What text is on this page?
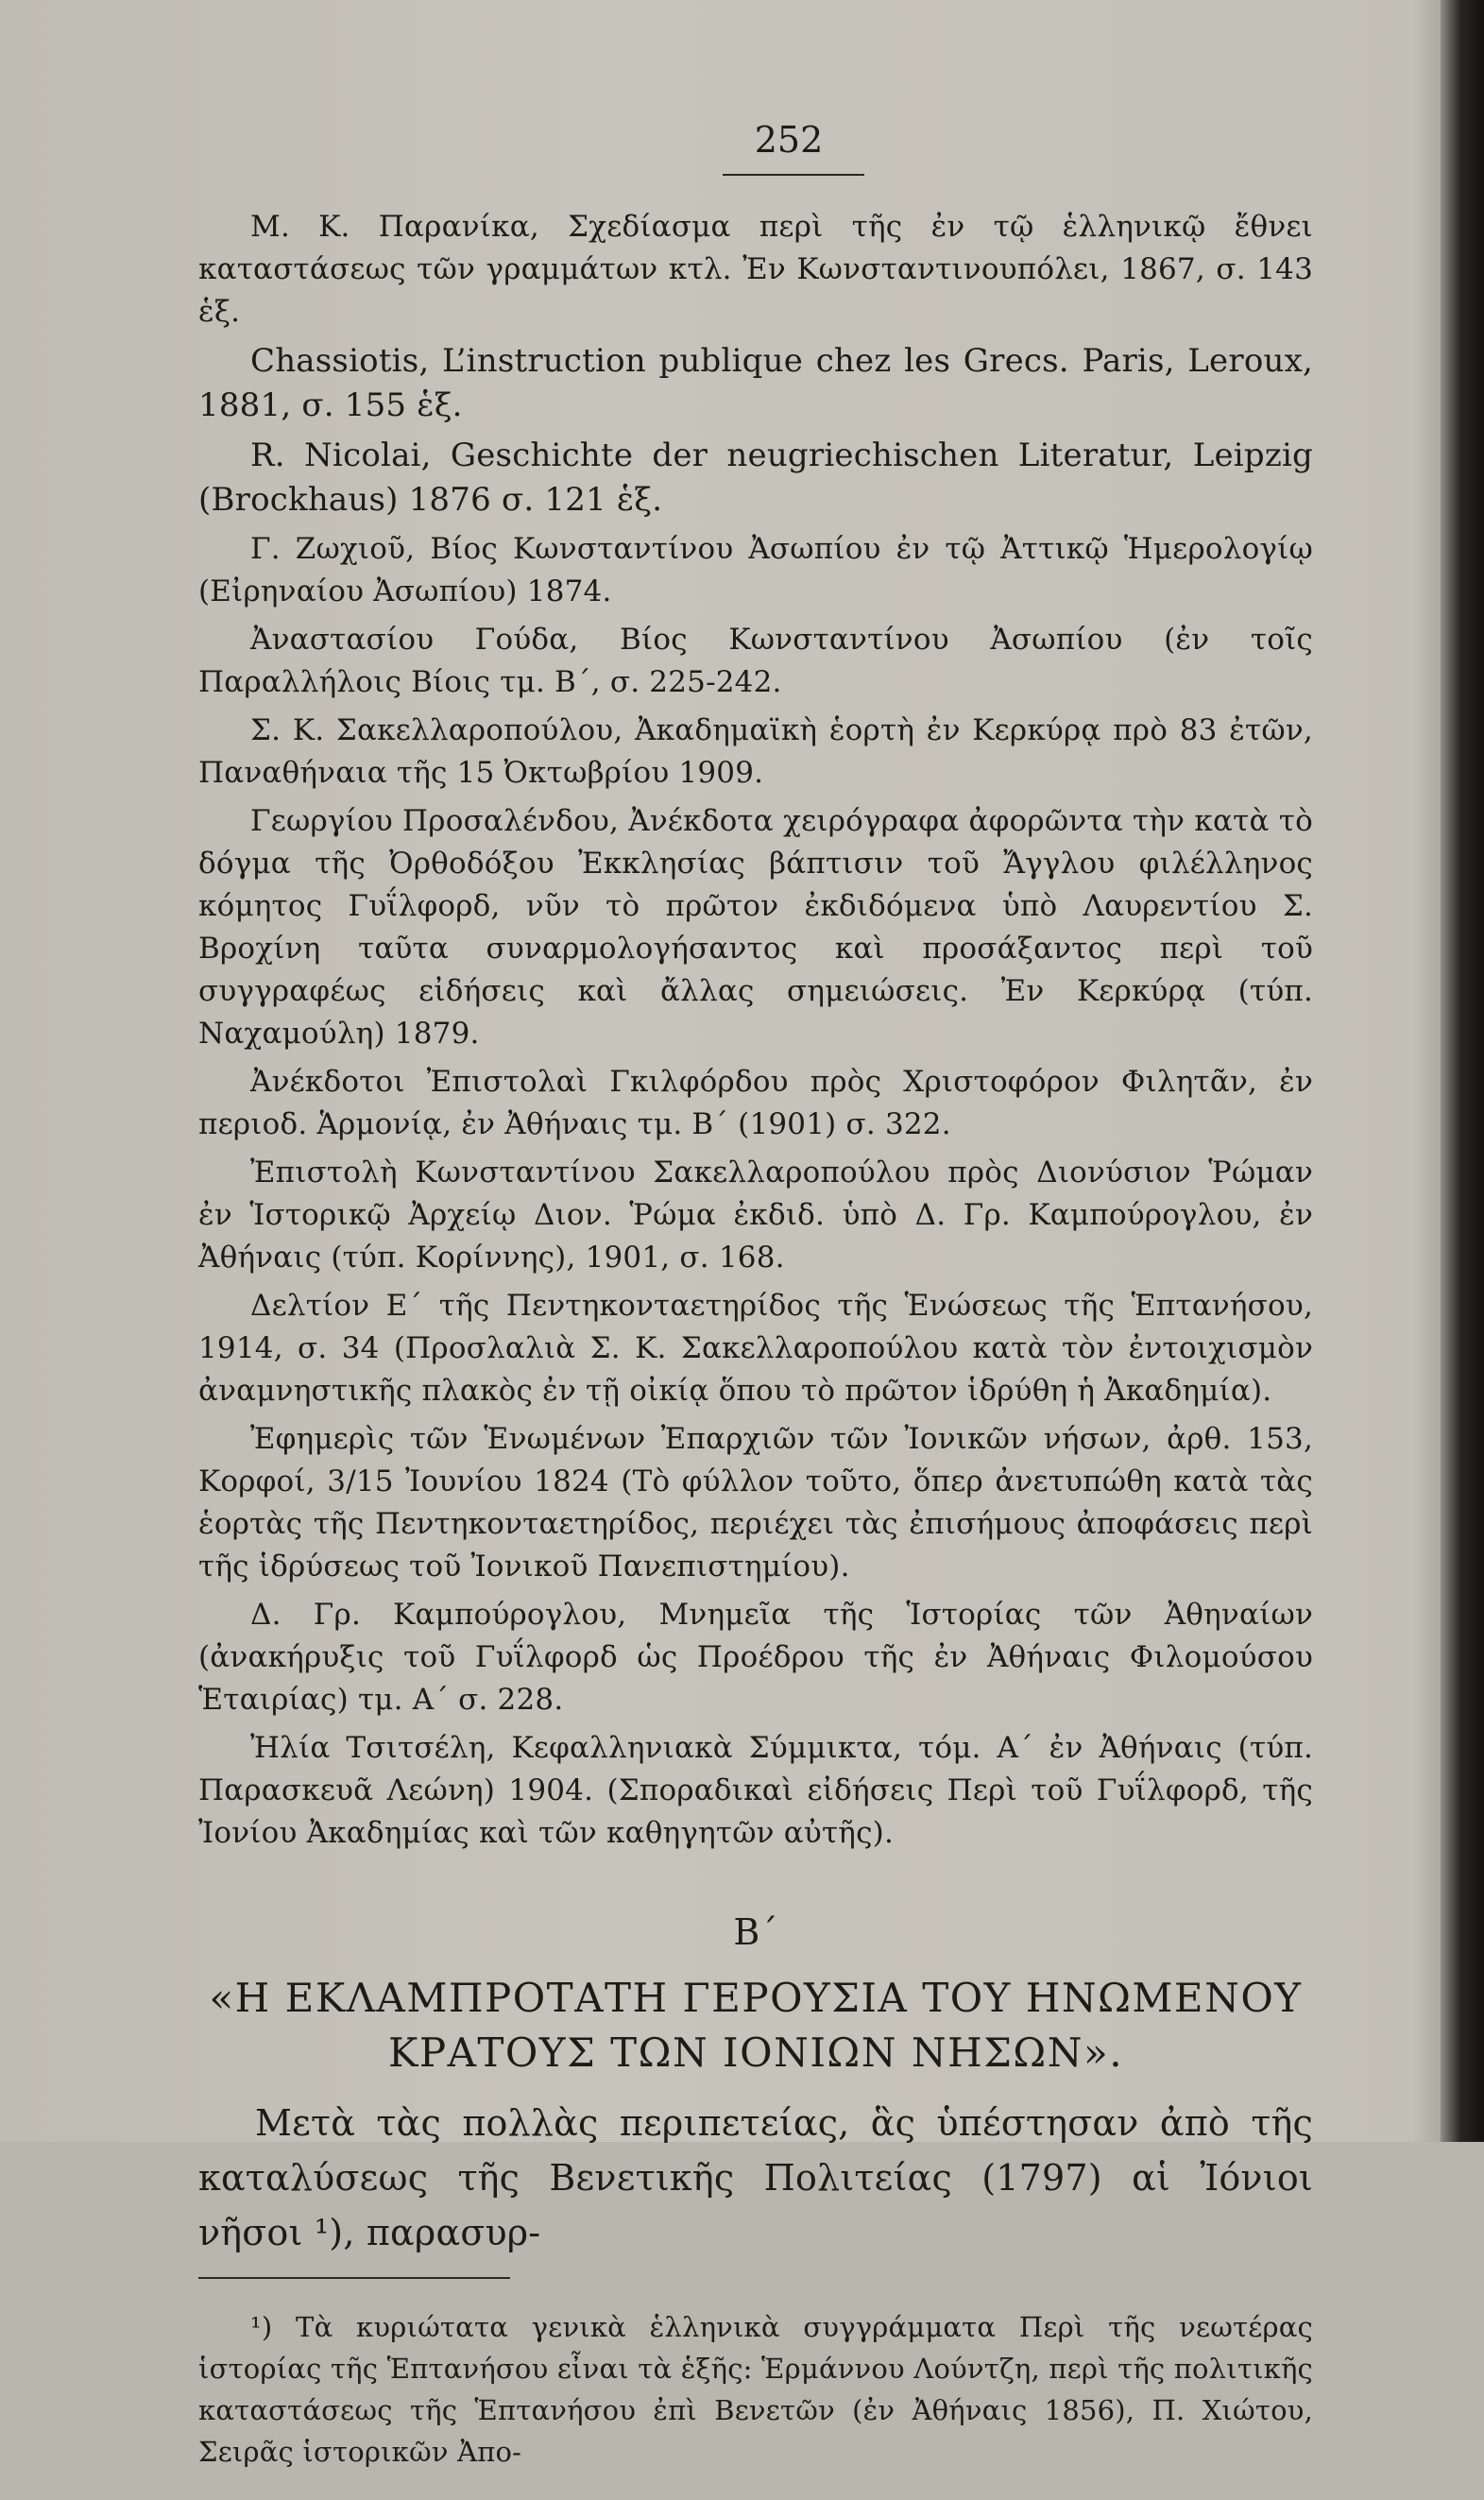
252

Μ. Κ. Παρανίκα, Σχεδίασμα περὶ τῆς ἐν τῷ ἑλληνικῷ ἔθνει καταστάσεως τῶν γραμμάτων κτλ. Ἐν Κωνσταντινουπόλει, 1867, σ. 143 ἑξ.

Chassiotis, L’instruction publique chez les Grecs. Paris, Leroux, 1881, σ. 155 ἑξ.

R. Nicolai, Geschichte der neugriechischen Literatur, Leipzig (Brockhaus) 1876 σ. 121 ἑξ.

Γ. Ζωχιοῦ, Βίος Κωνσταντίνου Ἀσωπίου ἐν τῷ Ἀττικῷ Ἡμερολογίῳ (Εἰρηναίου Ἀσωπίου) 1874.

Ἀναστασίου Γούδα, Βίος Κωνσταντίνου Ἀσωπίου (ἐν τοῖς Παραλλήλοις Βίοις τμ. Β΄, σ. 225-242.

Σ. Κ. Σακελλαροπούλου, Ἀκαδημαϊκὴ ἑορτὴ ἐν Κερκύρᾳ πρὸ 83 ἐτῶν, Παναθήναια τῆς 15 Ὀκτωβρίου 1909.

Γεωργίου Προσαλένδου, Ἀνέκδοτα χειρόγραφα ἀφορῶντα τὴν κατὰ τὸ δόγμα τῆς Ὀρθοδόξου Ἐκκλησίας βάπτισιν τοῦ Ἄγγλου φιλέλληνος κόμητος Γυΐλφορδ, νῦν τὸ πρῶτον ἐκδιδόμενα ὑπὸ Λαυρεντίου Σ. Βροχίνη ταῦτα συναρμολογήσαντος καὶ προσάξαντος περὶ τοῦ συγγραφέως εἰδήσεις καὶ ἄλλας σημειώσεις. Ἐν Κερκύρᾳ (τύπ. Ναχαμούλη) 1879.

Ἀνέκδοτοι Ἐπιστολαὶ Γκιλφόρδου πρὸς Χριστοφόρον Φιλητᾶν, ἐν περιοδ. Ἁρμονίᾳ, ἐν Ἀθήναις τμ. Β΄ (1901) σ. 322.

Ἐπιστολὴ Κωνσταντίνου Σακελλαροπούλου πρὸς Διονύσιον Ῥώμαν ἐν Ἱστορικῷ Ἀρχείῳ Διον. Ῥώμα ἐκδιδ. ὑπὸ Δ. Γρ. Καμπούρογλου, ἐν Ἀθήναις (τύπ. Κορίννης), 1901, σ. 168.

Δελτίον Ε΄ τῆς Πεντηκονταετηρίδος τῆς Ἑνώσεως τῆς Ἑπτανήσου, 1914, σ. 34 (Προσλαλιὰ Σ. Κ. Σακελλαροπούλου κατὰ τὸν ἐντοιχισμὸν ἀναμνηστικῆς πλακὸς ἐν τῇ οἰκίᾳ ὅπου τὸ πρῶτον ἱδρύθη ἡ Ἀκαδημία).

Ἐφημερὶς τῶν Ἑνωμένων Ἐπαρχιῶν τῶν Ἰονικῶν νήσων, ἀρθ. 153, Κορφοί, 3/15 Ἰουνίου 1824 (Τὸ φύλλον τοῦτο, ὅπερ ἀνετυπώθη κατὰ τὰς ἑορτὰς τῆς Πεντηκονταετηρίδος, περιέχει τὰς ἐπισήμους ἀποφάσεις περὶ τῆς ἱδρύσεως τοῦ Ἰονικοῦ Πανεπιστημίου).

Δ. Γρ. Καμπούρογλου, Μνημεῖα τῆς Ἱστορίας τῶν Ἀθηναίων (ἀνακήρυξις τοῦ Γυΐλφορδ ὡς Προέδρου τῆς ἐν Ἀθήναις Φιλομούσου Ἑταιρίας) τμ. Α΄ σ. 228.

Ἠλία Τσιτσέλη, Κεφαλληνιακὰ Σύμμικτα, τόμ. Α΄ ἐν Ἀθήναις (τύπ. Παρασκευᾶ Λεώνη) 1904. (Σποραδικαὶ εἰδήσεις Περὶ τοῦ Γυΐλφορδ, τῆς Ἰονίου Ἀκαδημίας καὶ τῶν καθηγητῶν αὐτῆς).

Β΄
«Η ΕΚΛΑΜΠΡΟΤΑΤΗ ΓΕΡΟΥΣΙΑ ΤΟΥ ΗΝΩΜΕΝΟΥ
ΚΡΑΤΟΥΣ ΤΩΝ ΙΟΝΙΩΝ ΝΗΣΩΝ».

Μετὰ τὰς πολλὰς περιπετείας, ἃς ὑπέστησαν ἀπὸ τῆς καταλύσεως τῆς Βενετικῆς Πολιτείας (1797) αἱ Ἰόνιοι νῆσοι ¹), παρασυρ-

¹) Τὰ κυριώτατα γενικὰ ἑλληνικὰ συγγράμματα Περὶ τῆς νεωτέρας ἱστορίας τῆς Ἑπτανήσου εἶναι τὰ ἑξῆς: Ἑρμάννου Λούντζη, περὶ τῆς πολιτικῆς καταστάσεως τῆς Ἑπτανήσου ἐπὶ Βενετῶν (ἐν Ἀθήναις 1856), Π. Χιώτου, Σειρᾶς ἱστορικῶν Ἀπο-
